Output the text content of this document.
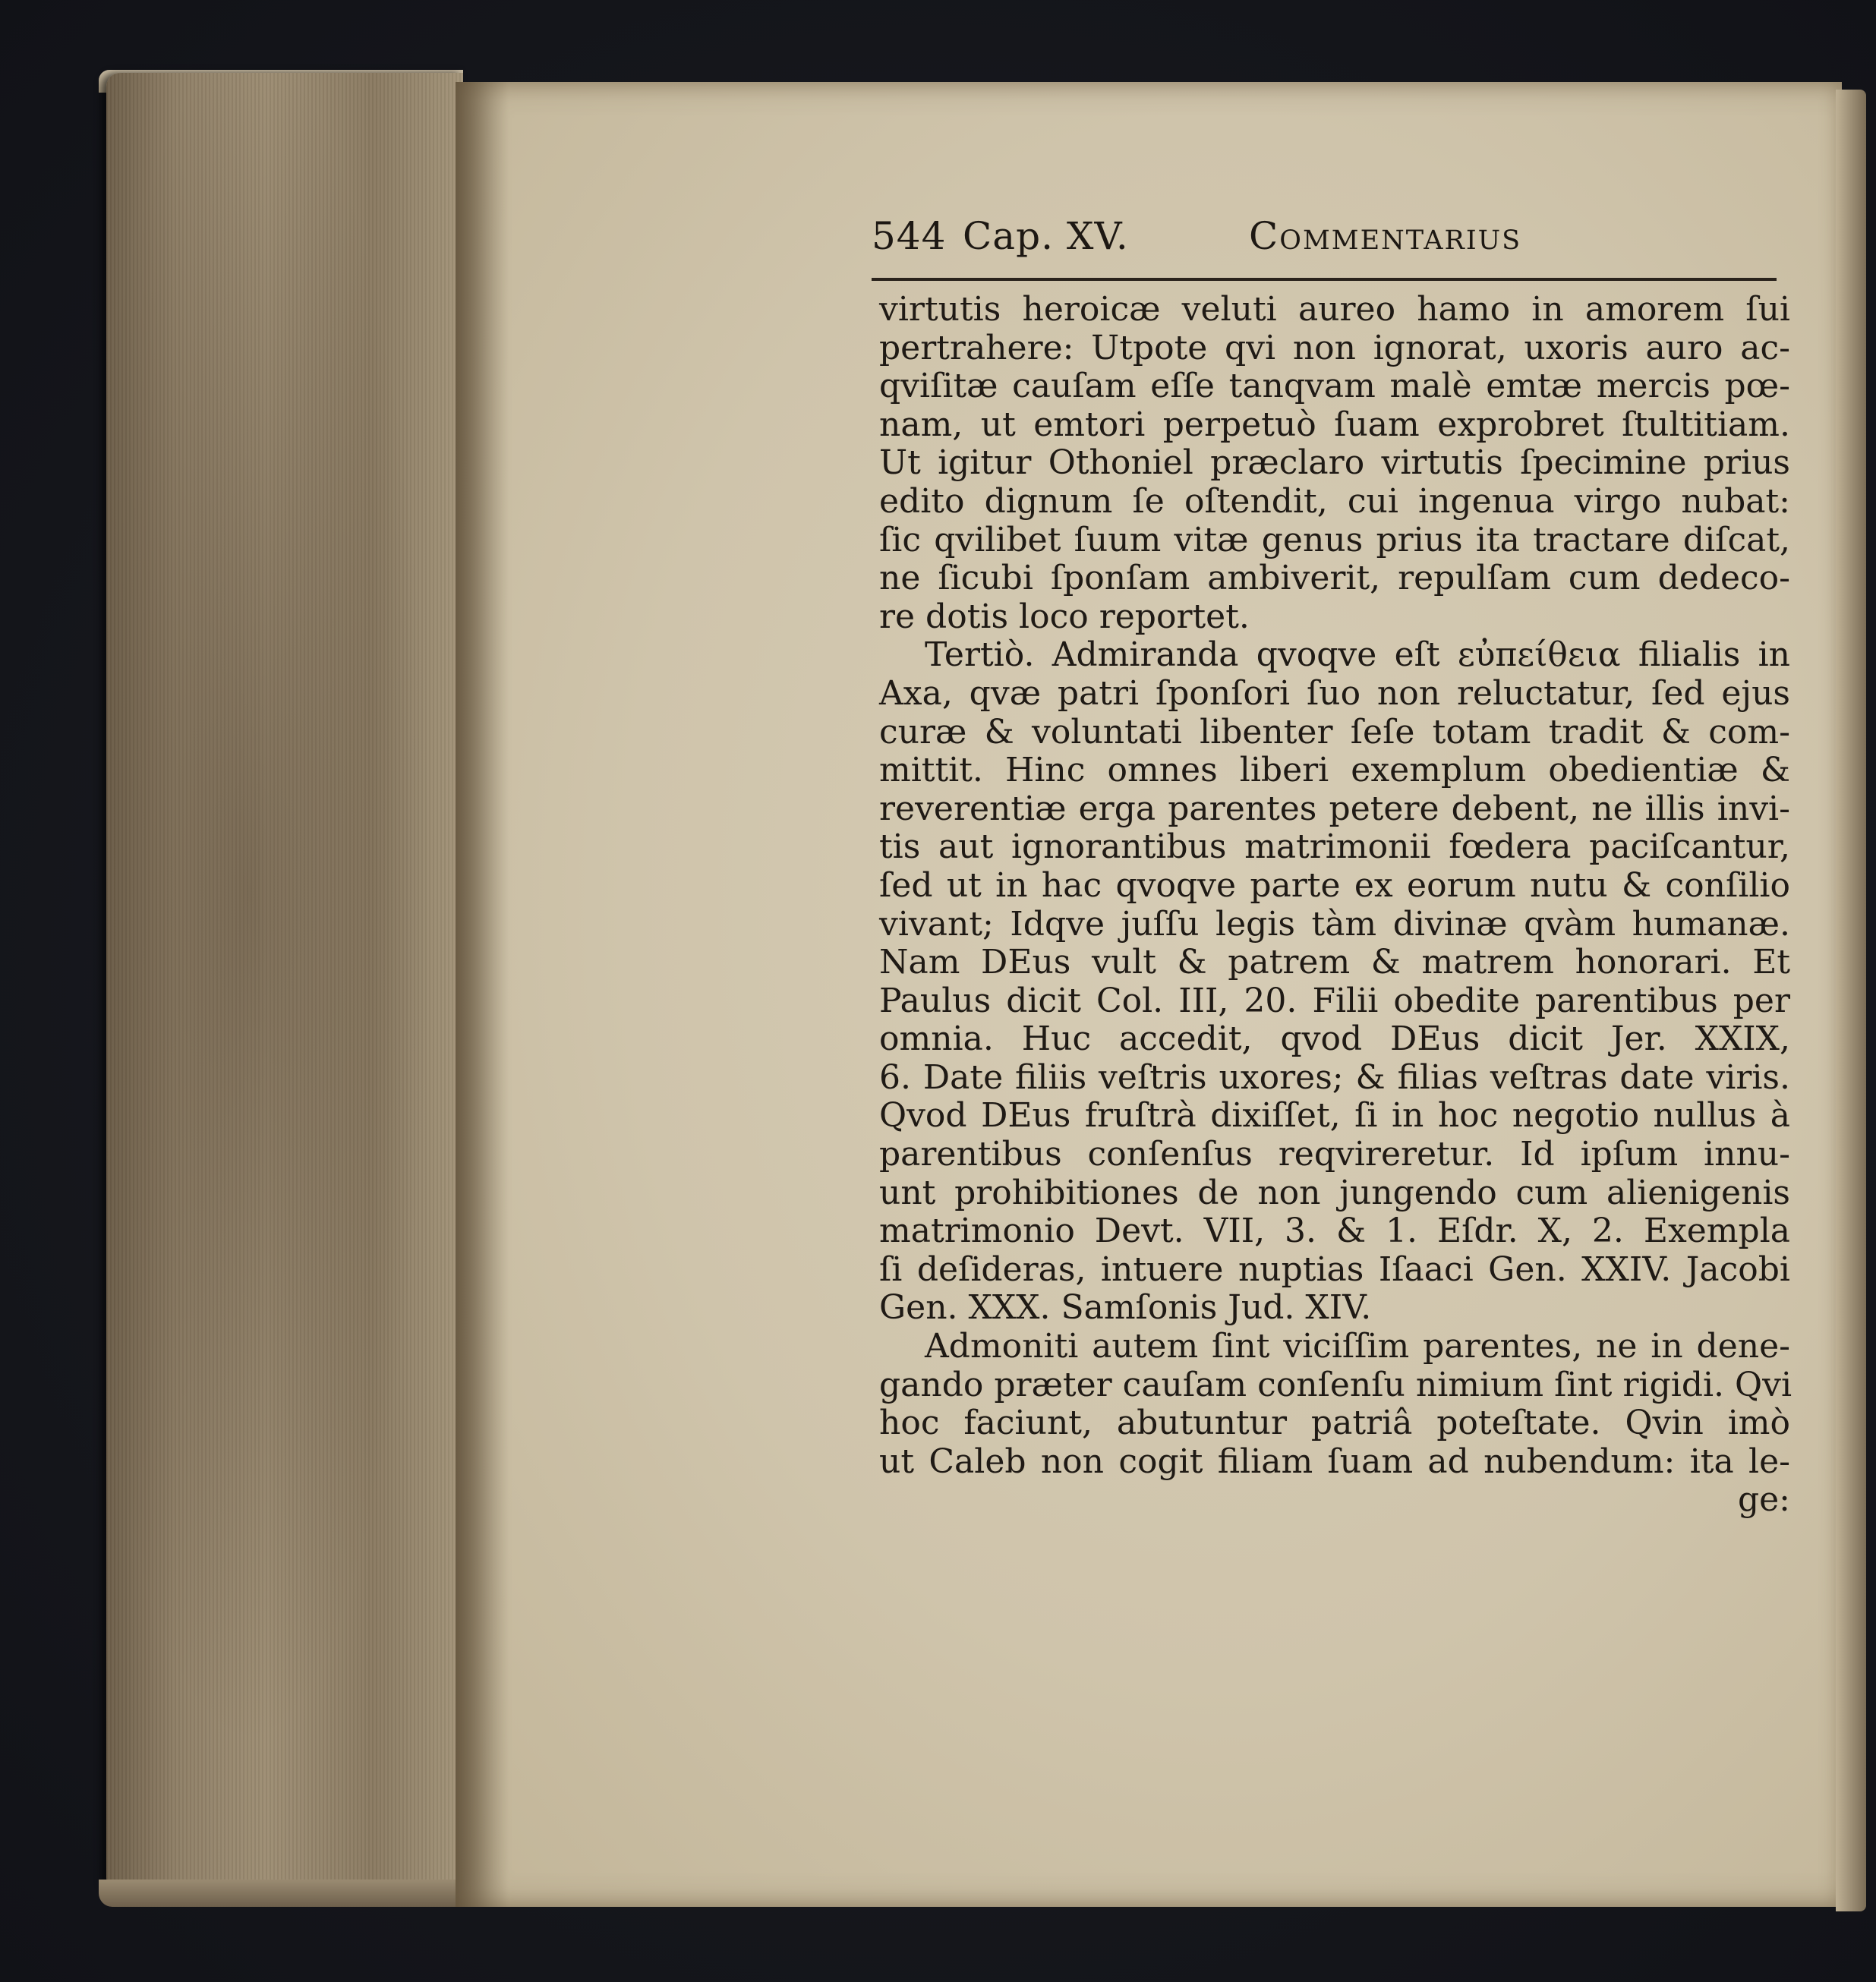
544 Cap. XV.	Commentarius
virtutis heroicæ veluti aureo hamo in amorem ſui
pertrahere: Utpote qvi non ignorat, uxoris auro ac-
qviſitæ cauſam eſſe tanqvam malè emtæ mercis pœ-
nam, ut emtori perpetuò ſuam exprobret ſtultitiam.
Ut igitur Othoniel præclaro virtutis ſpecimine prius
edito dignum ſe oſtendit, cui ingenua virgo nubat:
ſic qvilibet ſuum vitæ genus prius ita tractare diſcat,
ne ſicubi ſponſam ambiverit, repulſam cum dedeco-
re dotis loco reportet.
Tertiò. Admiranda qvoqve eſt εὐπείθεια filialis in
Axa, qvæ patri ſponſori ſuo non reluctatur, ſed ejus
curæ & voluntati libenter ſeſe totam tradit & com-
mittit. Hinc omnes liberi exemplum obedientiæ &
reverentiæ erga parentes petere debent, ne illis invi-
tis aut ignorantibus matrimonii fœdera paciſcantur,
ſed ut in hac qvoqve parte ex eorum nutu & conſilio
vivant; Idqve juſſu legis tàm divinæ qvàm humanæ.
Nam DEus vult & patrem & matrem honorari. Et
Paulus dicit Col. III, 20. Filii obedite parentibus per
omnia. Huc accedit, qvod DEus dicit Jer. XXIX,
6. Date filiis veſtris uxores; & filias veſtras date viris.
Qvod DEus fruſtrà dixiſſet, ſi in hoc negotio nullus à
parentibus conſenſus reqvireretur. Id ipſum innu-
unt prohibitiones de non jungendo cum alienigenis
matrimonio Devt. VII, 3. & 1. Eſdr. X, 2. Exempla
ſi deſideras, intuere nuptias Iſaaci Gen. XXIV. Jacobi
Gen. XXX. Samſonis Jud. XIV.
Admoniti autem ſint viciſſim parentes, ne in dene-
gando præter cauſam conſenſu nimium ſint rigidi. Qvi
hoc faciunt, abutuntur patriâ poteſtate. Qvin imò
ut Caleb non cogit filiam ſuam ad nubendum: ita le-
ge:
